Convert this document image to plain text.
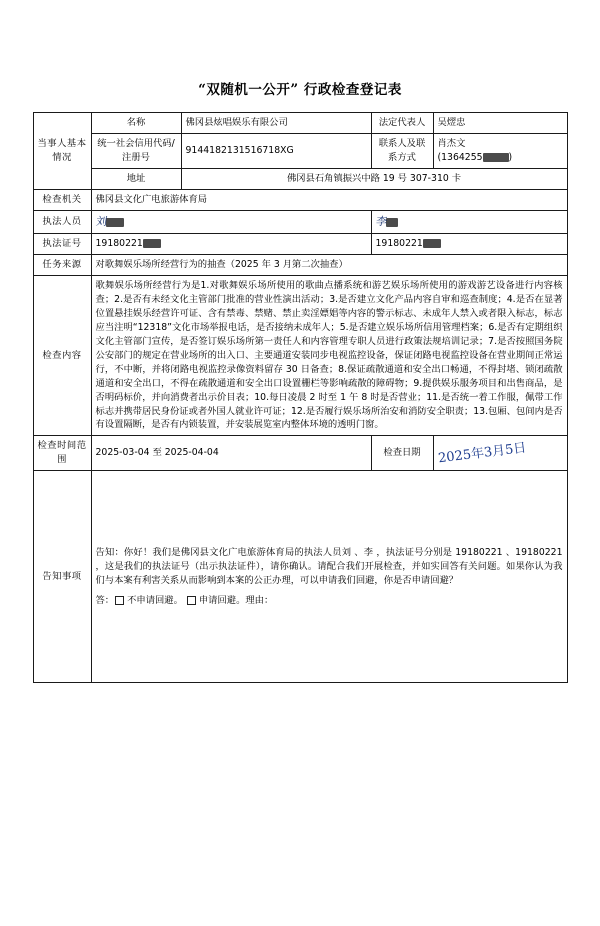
“双随机一公开” 行政检查登记表
当事人基本情况	名称	佛冈县炫唱娱乐有限公司	法定代表人	吴熤忠
	统一社会信用代码/注册号	9144182131516718XG	联系人及联系方式	肖杰文
(1364255 )
	地址	佛冈县石角镇振兴中路 19 号 307-310 卡		
检查机关	佛冈县文化广电旅游体育局			
执法人员	刘		李	
执法证号	19180221		19180221	
任务来源	对歌舞娱乐场所经营行为的抽查（2025 年 3 月第二次抽查）			
检查内容	歌舞娱乐场所经营行为是1.对歌舞娱乐场所使用的歌曲点播系统和游艺娱乐场所使用的游戏游艺设备进行内容核查；2.是否有未经文化主管部门批准的营业性演出活动；3.是否建立文化产品内容自审和巡查制度；4.是否在显著位置悬挂娱乐经营许可证、含有禁毒、禁赌、禁止卖淫嫖娼等内容的警示标志、未成年人禁入或者限入标志，标志应当注明“12318”文化市场举报电话，是否接纳未成年人；5.是否建立娱乐场所信用管理档案；6.是否有定期组织文化主管部门宣传，是否签订娱乐场所第一责任人和内容管理专职人员进行政策法规培训记录；7.是否按照国务院公安部门的规定在营业场所的出入口、主要通道安装同步电视监控设备，保证闭路电视监控设备在营业期间正常运行，不中断，并将闭路电视监控录像资料留存 30 日备查；8.保证疏散通道和安全出口畅通，不得封堵、锁闭疏散通道和安全出口，不得在疏散通道和安全出口设置栅栏等影响疏散的障碍物；9.提供娱乐服务项目和出售商品，是否明码标价，并向消费者出示价目表；10.每日凌晨 2 时至 1 午 8 时是否营业；11.是否统一着工作服，佩带工作标志并携带居民身份证或者外国人就业许可证；12.是否履行娱乐场所治安和消防安全职责；13.包厢、包间内是否有设置隔断，是否有内锁装置，并安装展览室内整体环境的透明门窗。			
检查时间范围	2025-03-04 至 2025-04-04		检查日期	2025年3月5日
告知事项	告知：你好！我们是佛冈县文化广电旅游体育局的执法人员刘 、李 ，执法证号分别是 19180221 、19180221 ，这是我们的执法证号（出示执法证件），请你确认。请配合我们开展检查，并如实回答有关问题。如果你认为我们与本案有利害关系从而影响到本案的公正办理，可以申请我们回避，你是否申请回避？
答： 不申请回避。 申请回避。理由：			
